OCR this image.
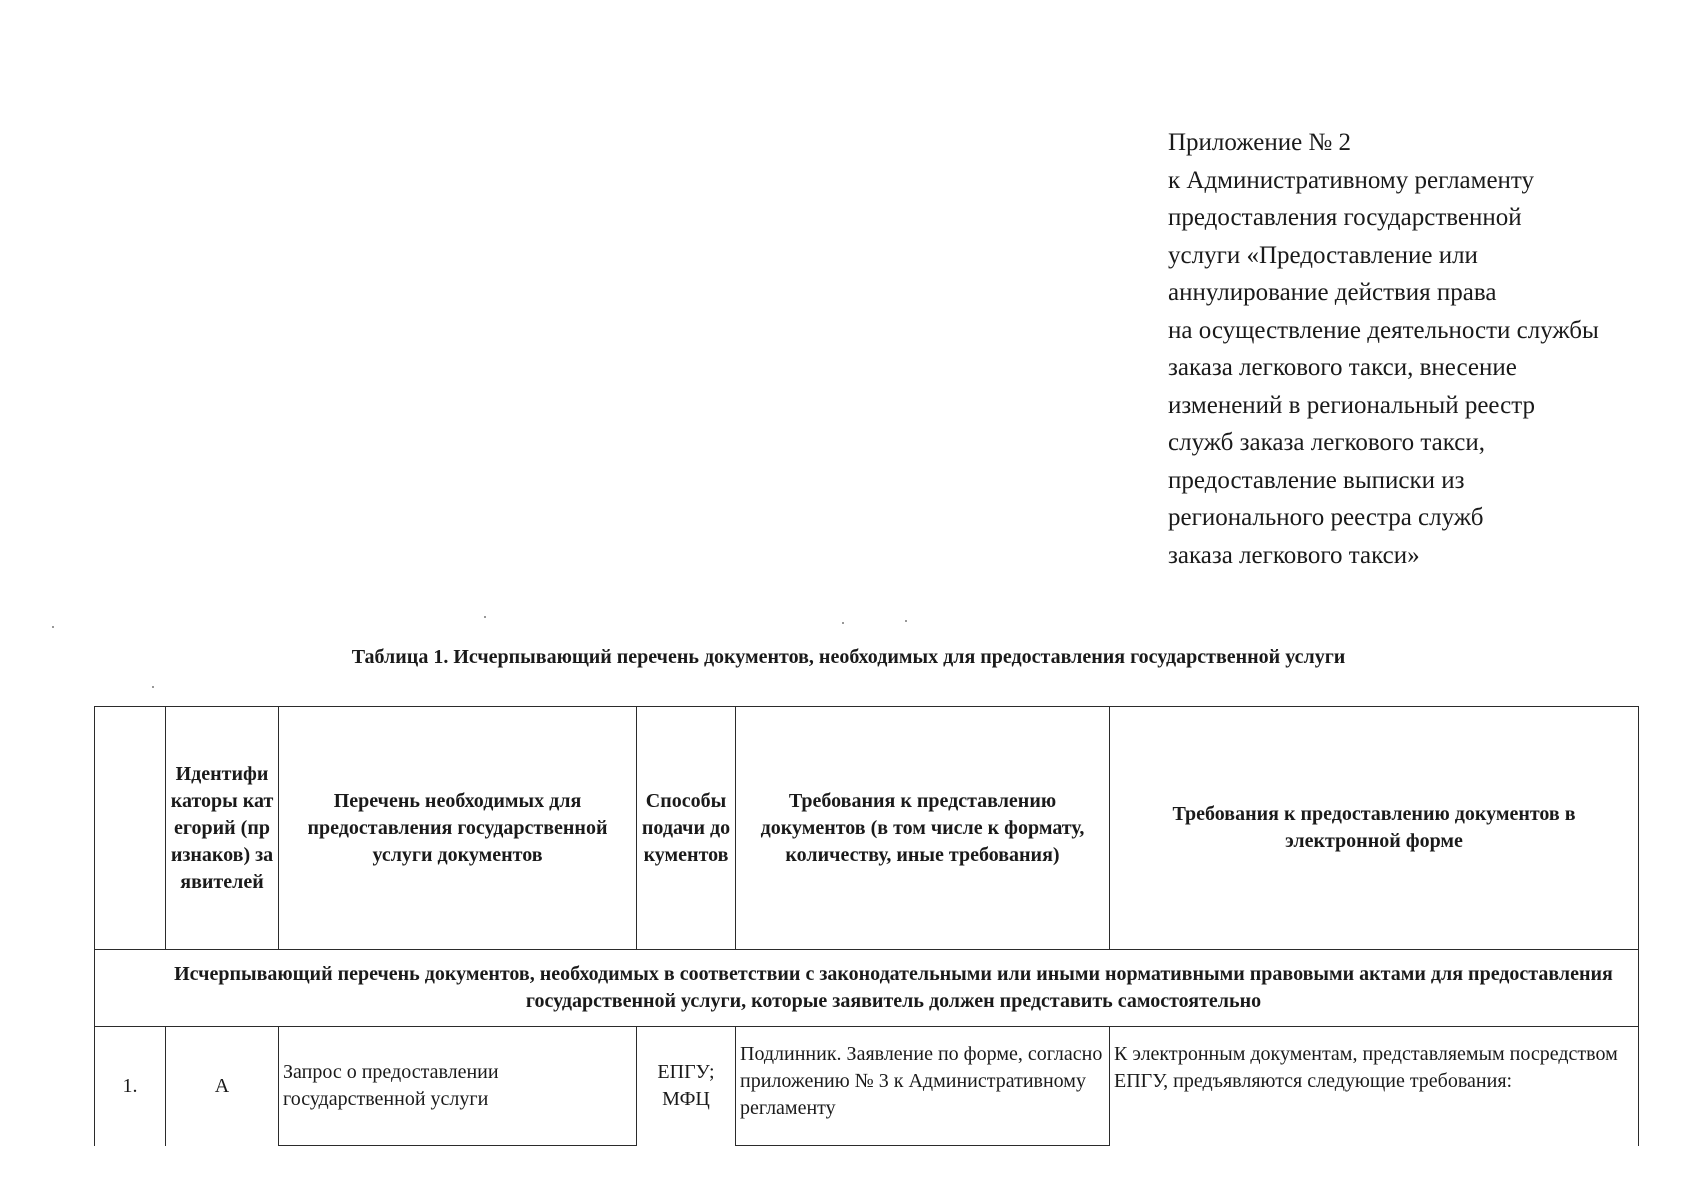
Приложение № 2
к Административному регламенту
предоставления государственной
услуги «Предоставление или
аннулирование действия права
на осуществление деятельности службы
заказа легкового такси, внесение
изменений в региональный реестр
служб заказа легкового такси,
предоставление выписки из
регионального реестра служб
заказа легкового такси»
Таблица 1. Исчерпывающий перечень документов, необходимых для предоставления государственной услуги
	Идентификаторы категорий (признаков) заявителей	Перечень необходимых для предоставления государственной услуги документов	Способы подачи документов	Требования к представлению документов (в том числе к формату, количеству, иные требования)	Требования к предоставлению документов в электронной форме
Исчерпывающий перечень документов, необходимых в соответствии с законодательными или иными нормативными правовыми актами для предоставления государственной услуги, которые заявитель должен представить самостоятельно					
1.	А	Запрос о предоставлении государственной услуги	ЕПГУ; МФЦ	Подлинник. Заявление по форме, согласно приложению № 3 к Административному регламенту	К электронным документам, представляемым посредством ЕПГУ, предъявляются следующие требования:
